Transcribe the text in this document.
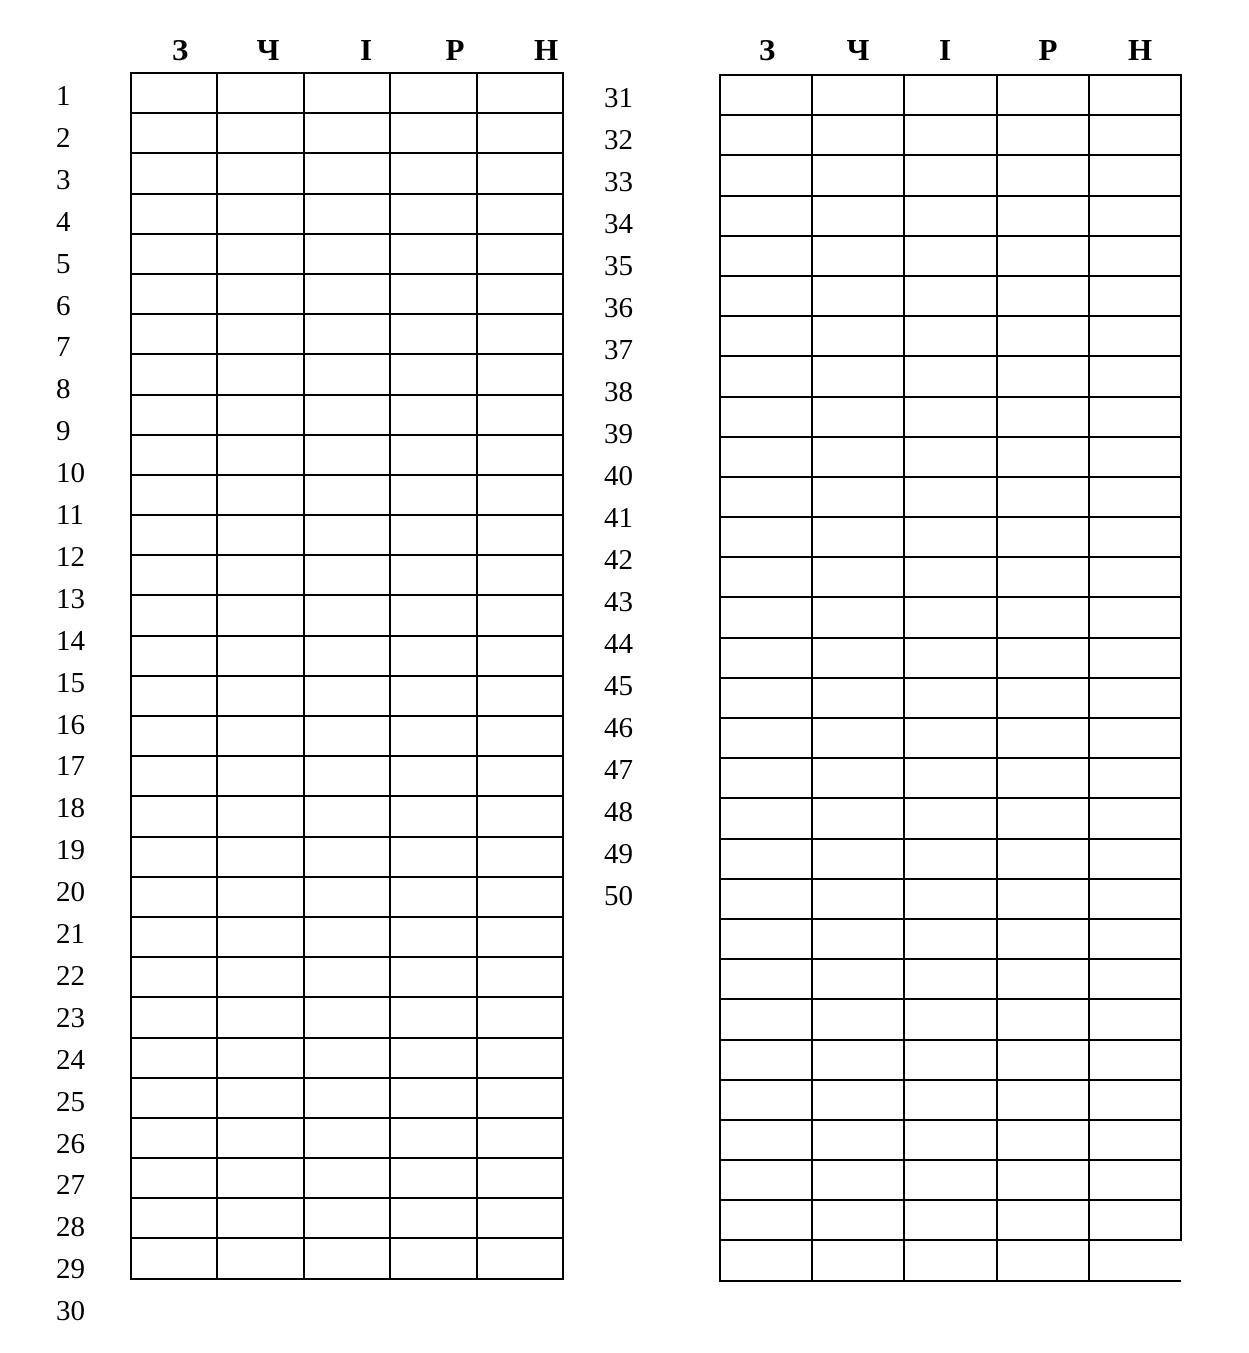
З	Ч	І	Р	Н
1
2
3
4
5
6
7
8
9
10
11
12
13
14
15
16
17
18
19
20
21
22
23
24
25
26
27
28
29
30

З	Ч	І	Р	Н
31
32
33
34
35
36
37
38
39
40
41
42
43
44
45
46
47
48
49
50
